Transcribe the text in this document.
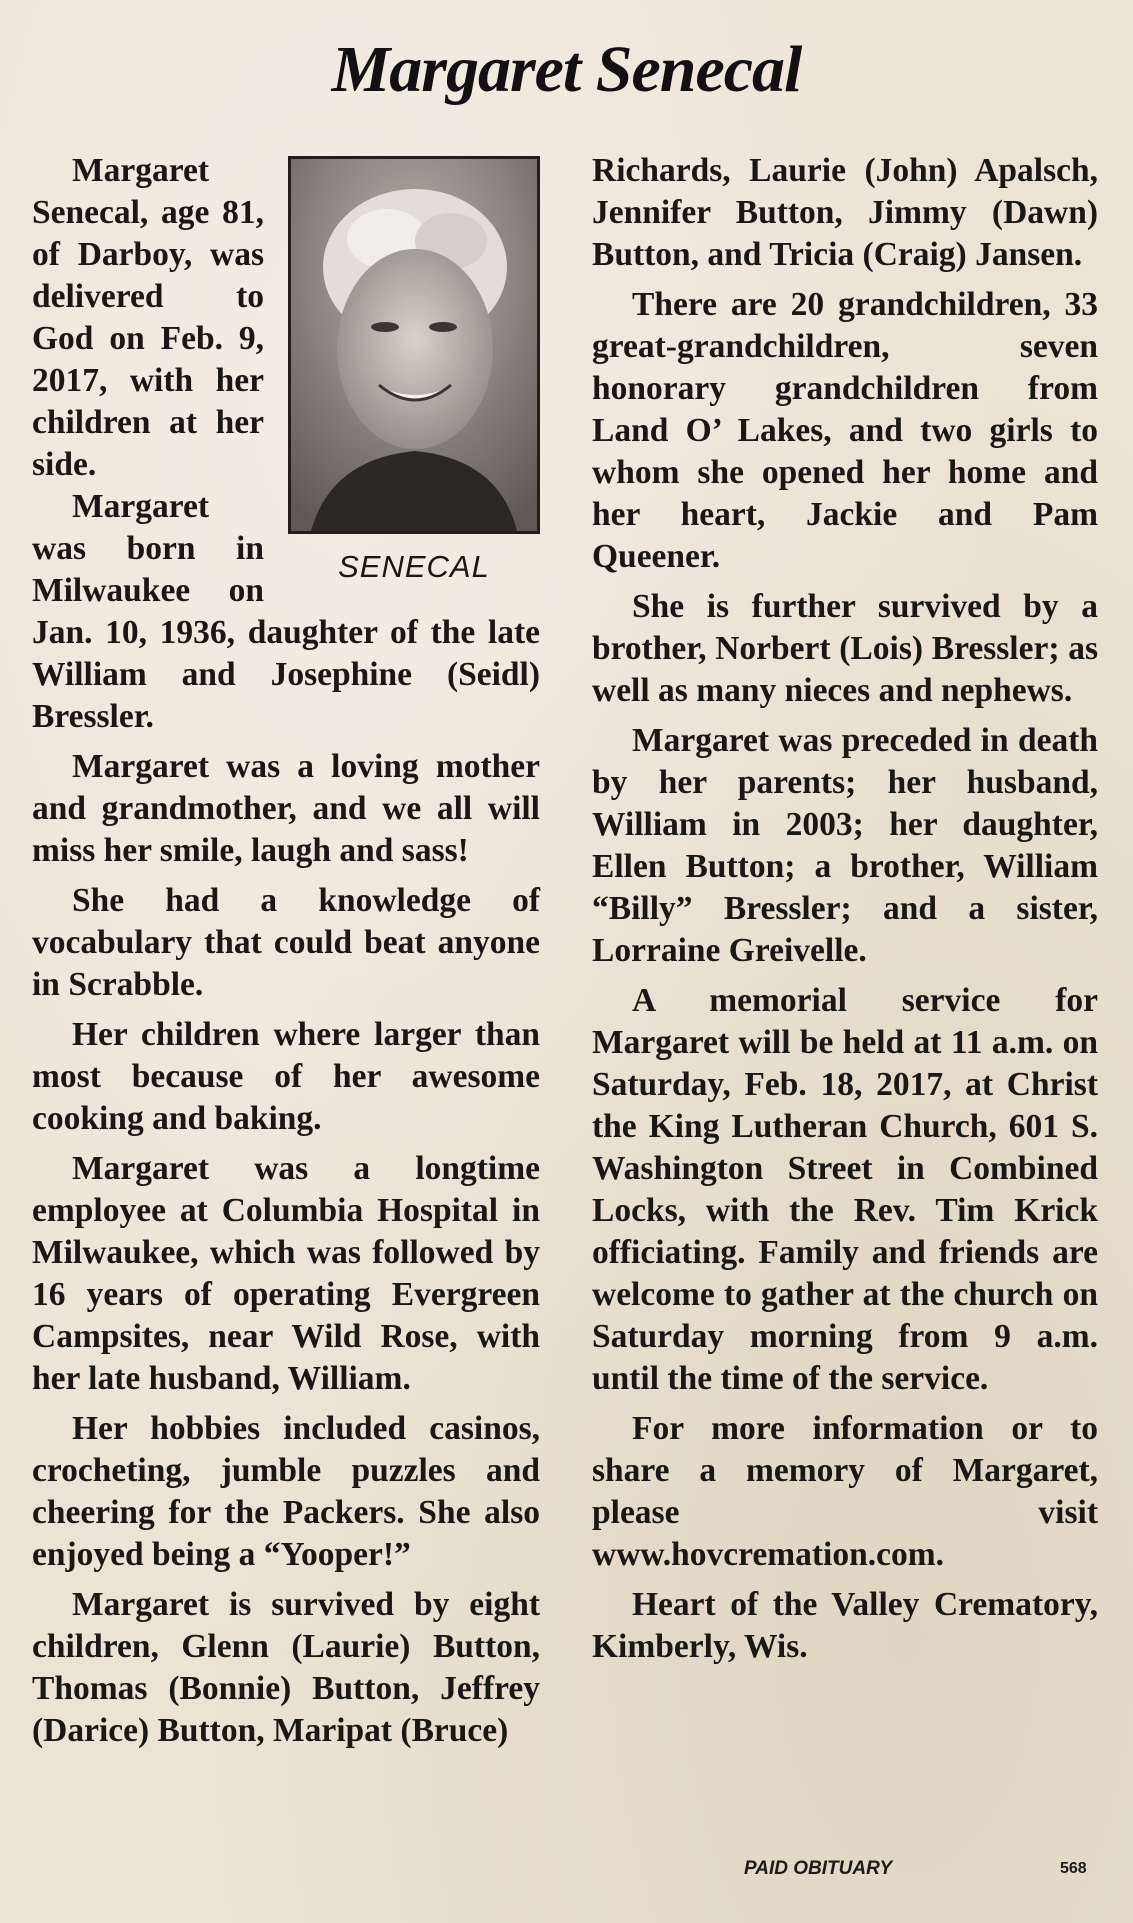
Margaret Senecal
SENECAL

Margaret Senecal, age 81, of Darboy, was delivered to God on Feb. 9, 2017, with her children at her side.

Margaret was born in Milwaukee on Jan. 10, 1936, daughter of the late William and Josephine (Seidl) Bressler.

Margaret was a loving mother and grandmother, and we all will miss her smile, laugh and sass!

She had a knowledge of vocabulary that could beat anyone in Scrabble.

Her children where larger than most because of her awesome cooking and baking.

Margaret was a longtime employee at Columbia Hospital in Milwaukee, which was followed by 16 years of operating Evergreen Campsites, near Wild Rose, with her late husband, William.

Her hobbies included casinos, crocheting, jumble puzzles and cheering for the Packers. She also enjoyed being a “Yooper!”

Margaret is survived by eight children, Glenn (Laurie) Button, Thomas (Bonnie) Button, Jeffrey (Darice) Button, Maripat (Bruce)

Richards, Laurie (John) Apalsch, Jennifer Button, Jimmy (Dawn) Button, and Tricia (Craig) Jansen.

There are 20 grandchildren, 33 great-grandchildren, seven honorary grandchildren from Land O’ Lakes, and two girls to whom she opened her home and her heart, Jackie and Pam Queener.

She is further survived by a brother, Norbert (Lois) Bressler; as well as many nieces and nephews.

Margaret was preceded in death by her parents; her husband, William in 2003; her daughter, Ellen Button; a brother, William “Billy” Bressler; and a sister, Lorraine Greivelle.

A memorial service for Margaret will be held at 11 a.m. on Saturday, Feb. 18, 2017, at Christ the King Lutheran Church, 601 S. Washington Street in Combined Locks, with the Rev. Tim Krick officiating. Family and friends are welcome to gather at the church on Saturday morning from 9 a.m. until the time of the service.

For more information or to share a memory of Margaret, please visit www.hovcremation.com.

Heart of the Valley Crematory, Kimberly, Wis.

PAID OBITUARY	568
